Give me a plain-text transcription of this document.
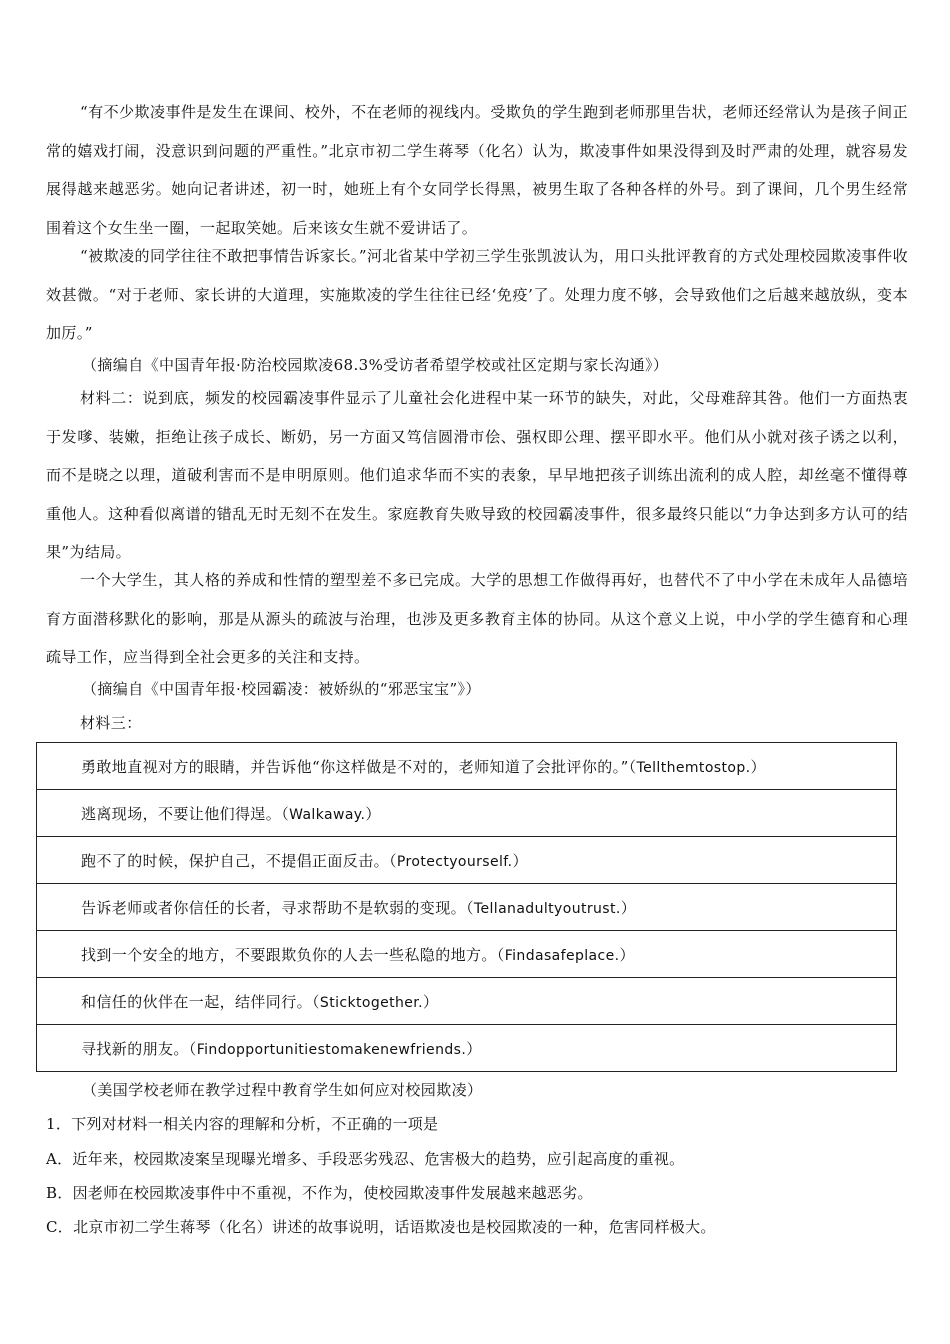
“有不少欺凌事件是发生在课间、校外，不在老师的视线内。受欺负的学生跑到老师那里告状，老师还经常认为是孩子间正常的嬉戏打闹，没意识到问题的严重性。”北京市初二学生蒋琴（化名）认为，欺凌事件如果没得到及时严肃的处理，就容易发展得越来越恶劣。她向记者讲述，初一时，她班上有个女同学长得黑，被男生取了各种各样的外号。到了课间，几个男生经常围着这个女生坐一圈，一起取笑她。后来该女生就不爱讲话了。
“被欺凌的同学往往不敢把事情告诉家长。”河北省某中学初三学生张凯波认为，用口头批评教育的方式处理校园欺凌事件收效甚微。“对于老师、家长讲的大道理，实施欺凌的学生往往已经‘免疫’了。处理力度不够，会导致他们之后越来越放纵，变本加厉。”
（摘编自《中国青年报·防治校园欺凌68.3%受访者希望学校或社区定期与家长沟通》）
材料二：说到底，频发的校园霸凌事件显示了儿童社会化进程中某一环节的缺失，对此，父母难辞其咎。他们一方面热衷于发嗲、装嫩，拒绝让孩子成长、断奶，另一方面又笃信圆滑市侩、强权即公理、摆平即水平。他们从小就对孩子诱之以利，而不是晓之以理，道破利害而不是申明原则。他们追求华而不实的表象，早早地把孩子训练出流利的成人腔，却丝毫不懂得尊重他人。这种看似离谱的错乱无时无刻不在发生。家庭教育失败导致的校园霸凌事件，很多最终只能以“力争达到多方认可的结果”为结局。
一个大学生，其人格的养成和性情的塑型差不多已完成。大学的思想工作做得再好，也替代不了中小学在未成年人品德培育方面潜移默化的影响，那是从源头的疏波与治理，也涉及更多教育主体的协同。从这个意义上说，中小学的学生德育和心理疏导工作，应当得到全社会更多的关注和支持。
（摘编自《中国青年报·校园霸凌：被娇纵的“邪恶宝宝”》）
材料三：
勇敢地直视对方的眼睛，并告诉他“你这样做是不对的，老师知道了会批评你的。”（Tellthemtostop.）
逃离现场，不要让他们得逞。（Walkaway.）
跑不了的时候，保护自己，不提倡正面反击。（Protectyourself.）
告诉老师或者你信任的长者，寻求帮助不是软弱的变现。（Tellanadultyoutrust.）
找到一个安全的地方，不要跟欺负你的人去一些私隐的地方。（Findasafeplace.）
和信任的伙伴在一起，结伴同行。（Sticktogether.）
寻找新的朋友。（Findopportunitiestomakenewfriends.）
（美国学校老师在教学过程中教育学生如何应对校园欺凌）
1．下列对材料一相关内容的理解和分析，不正确的一项是
A．近年来，校园欺凌案呈现曝光增多、手段恶劣残忍、危害极大的趋势，应引起高度的重视。
B．因老师在校园欺凌事件中不重视，不作为，使校园欺凌事件发展越来越恶劣。
C．北京市初二学生蒋琴（化名）讲述的故事说明，话语欺凌也是校园欺凌的一种，危害同样极大。
